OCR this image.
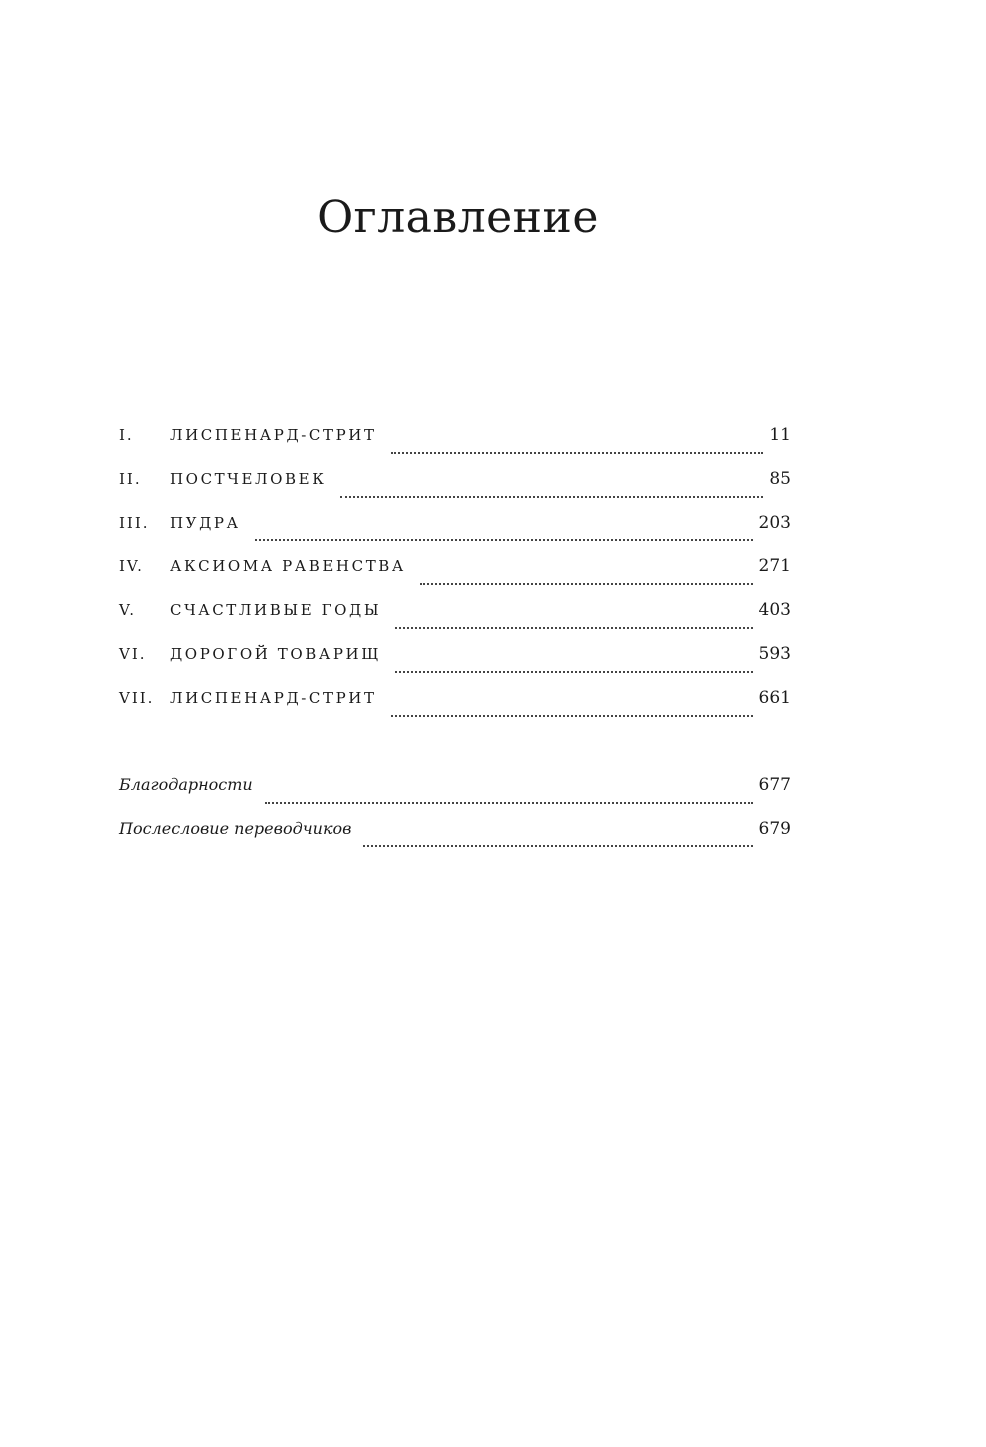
Оглавление
I.	ЛИСПЕНАРД-СТРИТ	11
II.	ПОСТЧЕЛОВЕК	85
III.	ПУДРА	203
IV.	АКСИОМА РАВЕНСТВА	271
V.	СЧАСТЛИВЫЕ ГОДЫ	403
VI.	ДОРОГОЙ ТОВАРИЩ	593
VII.	ЛИСПЕНАРД-СТРИТ	661
Благодарности	677
Послесловие переводчиков	679
